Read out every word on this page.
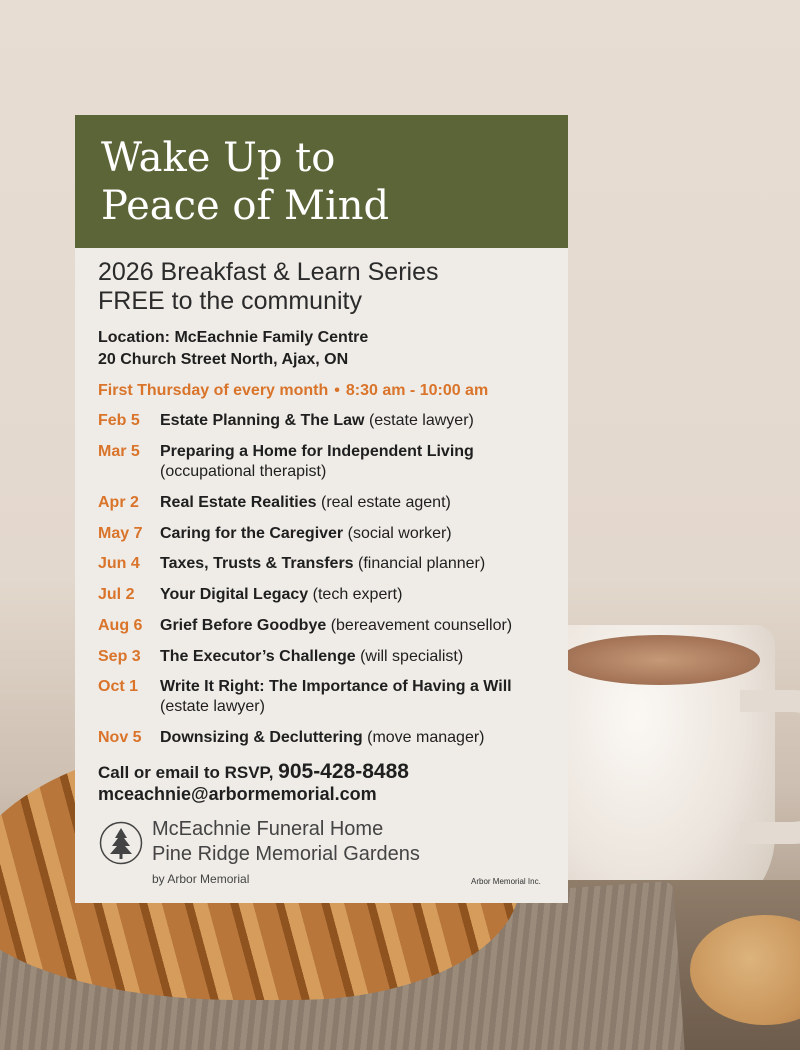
Wake Up to
Peace of Mind
2026 Breakfast & Learn Series
FREE to the community
Location: McEachnie Family Centre
20 Church Street North, Ajax, ON
First Thursday of every month • 8:30 am - 10:00 am
Feb 5 Estate Planning & The Law (estate lawyer)
Mar 5 Preparing a Home for Independent Living
(occupational therapist)
Apr 2 Real Estate Realities (real estate agent)
May 7 Caring for the Caregiver (social worker)
Jun 4 Taxes, Trusts & Transfers (financial planner)
Jul 2 Your Digital Legacy (tech expert)
Aug 6 Grief Before Goodbye (bereavement counsellor)
Sep 3 The Executor’s Challenge (will specialist)
Oct 1 Write It Right: The Importance of Having a Will
(estate lawyer)
Nov 5 Downsizing & Decluttering (move manager)
Call or email to RSVP, 905-428-8488
mceachnie@arbormemorial.com
McEachnie Funeral Home
Pine Ridge Memorial Gardens
by Arbor Memorial	Arbor Memorial Inc.
